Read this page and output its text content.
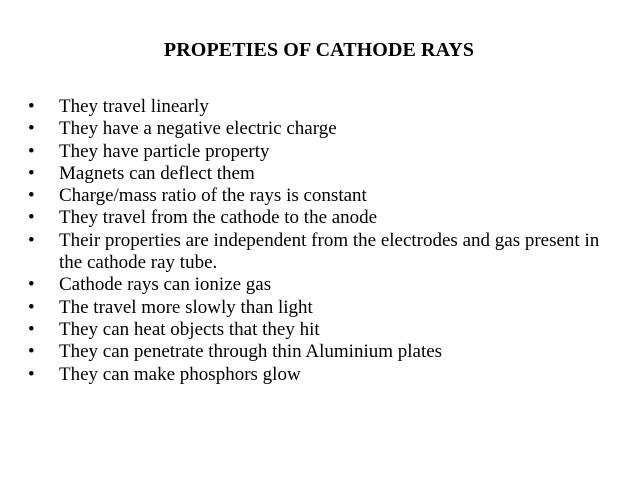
PROPETIES OF CATHODE RAYS
•	They travel linearly
•	They have a negative electric charge
•	They have particle property
•	Magnets can deflect them
•	Charge/mass ratio of the rays is constant
•	They travel from the cathode to the anode
•	Their properties are independent from the electrodes and gas present in the cathode ray tube.
•	Cathode rays can ionize gas
•	The travel more slowly than light
•	They can heat objects that they hit
•	They can penetrate through thin Aluminium plates
•	They can make phosphors glow
